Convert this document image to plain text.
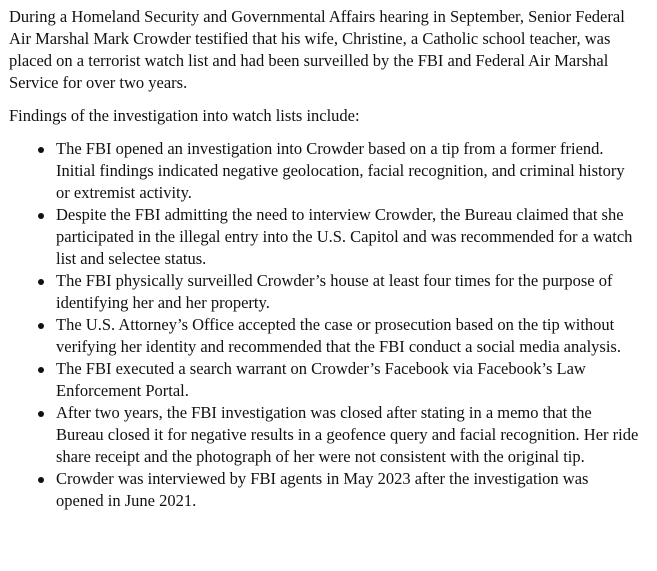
During a Homeland Security and Governmental Affairs hearing in September, Senior Federal Air Marshal Mark Crowder testified that his wife, Christine, a Catholic school teacher, was placed on a terrorist watch list and had been surveilled by the FBI and Federal Air Marshal Service for over two years.

Findings of the investigation into watch lists include:

The FBI opened an investigation into Crowder based on a tip from a former friend. Initial findings indicated negative geolocation, facial recognition, and criminal history or extremist activity.
Despite the FBI admitting the need to interview Crowder, the Bureau claimed that she participated in the illegal entry into the U.S. Capitol and was recommended for a watch list and selectee status.
The FBI physically surveilled Crowder’s house at least four times for the purpose of identifying her and her property.
The U.S. Attorney’s Office accepted the case or prosecution based on the tip without verifying her identity and recommended that the FBI conduct a social media analysis.
The FBI executed a search warrant on Crowder’s Facebook via Facebook’s Law Enforcement Portal.
After two years, the FBI investigation was closed after stating in a memo that the Bureau closed it for negative results in a geofence query and facial recognition. Her ride share receipt and the photograph of her were not consistent with the original tip.
Crowder was interviewed by FBI agents in May 2023 after the investigation was opened in June 2021.
